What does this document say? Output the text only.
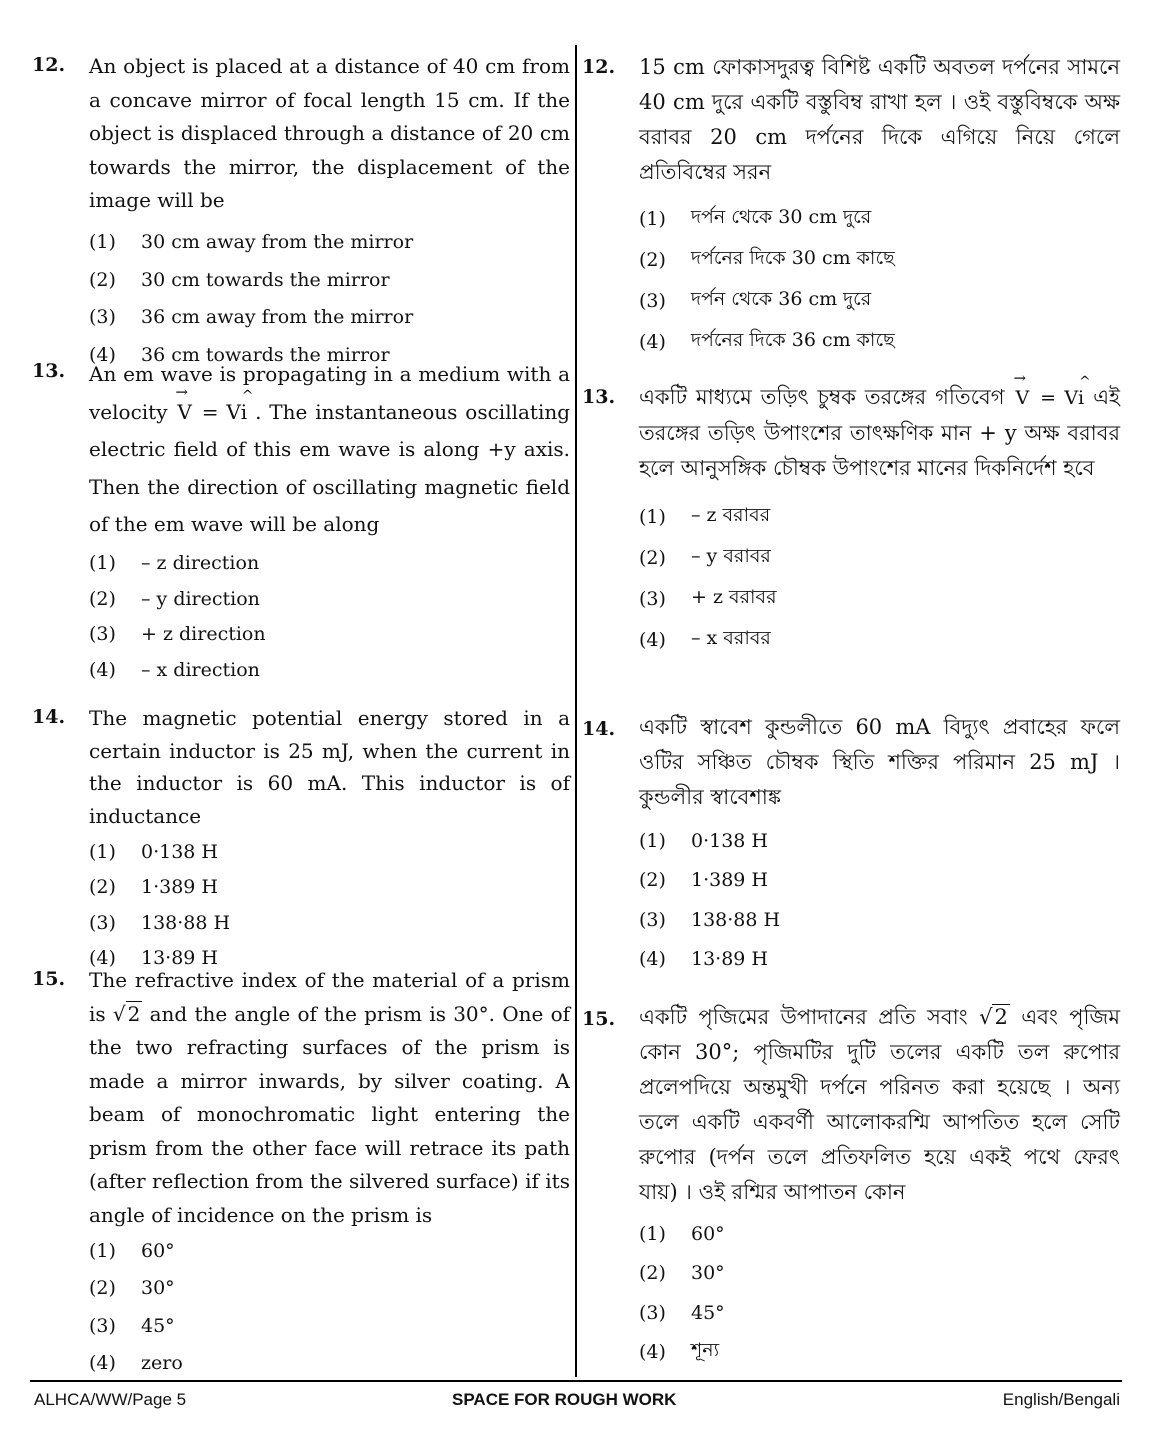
12. An object is placed at a distance of 40 cm from a concave mirror of focal length 15 cm. If the object is displaced through a distance of 20 cm towards the mirror, the displacement of the image will be
(1)	30 cm away from the mirror
(2)	30 cm towards the mirror
(3)	36 cm away from the mirror
(4)	36 cm towards the mirror
13. An em wave is propagating in a medium with a velocity → V = V^ i . The instantaneous oscillating electric field of this em wave is along +y axis. Then the direction of oscillating magnetic field of the em wave will be along
(1)	– z direction
(2)	– y direction
(3)	+ z direction
(4)	– x direction
14. The magnetic potential energy stored in a certain inductor is 25 mJ, when the current in the inductor is 60 mA. This inductor is of inductance
(1)	0·138 H
(2)	1·389 H
(3)	138·88 H
(4)	13·89 H
15. The refractive index of the material of a prism is √ 2 and the angle of the prism is 30°. One of the two refracting surfaces of the prism is made a mirror inwards, by silver coating. A beam of monochromatic light entering the prism from the other face will retrace its path (after reflection from the silvered surface) if its angle of incidence on the prism is
(1)	60°
(2)	30°
(3)	45°
(4)	zero
12. 15 cm ফোকাসদুরত্ব বিশিষ্ট একটি অবতল দর্পনের সামনে 40 cm দুরে একটি বস্তুবিম্ব রাখা হল । ওই বস্তুবিম্বকে অক্ষ বরাবর 20 cm দর্পনের দিকে এগিয়ে নিয়ে গেলে প্রতিবিম্বের সরন
(1)	দর্পন থেকে 30 cm দুরে
(2)	দর্পনের দিকে 30 cm কাছে
(3)	দর্পন থেকে 36 cm দুরে
(4)	দর্পনের দিকে 36 cm কাছে
13. একটি মাধ্যমে তড়িৎ চুম্বক তরঙ্গের গতিবেগ → V = V^ i এই তরঙ্গের তড়িৎ উপাংশের তাৎক্ষণিক মান + y অক্ষ বরাবর হলে আনুসঙ্গিক চৌম্বক উপাংশের মানের দিকনির্দেশ হবে
(1)	– z বরাবর
(2)	– y বরাবর
(3)	+ z বরাবর
(4)	– x বরাবর
14. একটি স্বাবেশ কুন্ডলীতে 60 mA বিদ্যুৎ প্রবাহের ফলে ওটির সঞ্চিত চৌম্বক স্থিতি শক্তির পরিমান 25 mJ । কুন্ডলীর স্বাবেশাঙ্ক
(1)	0·138 H
(2)	1·389 H
(3)	138·88 H
(4)	13·89 H
15. একটি পৃজিমের উপাদানের প্রতি সবাং √2 এবং পৃজিম কোন 30°; পৃজিমটির দুটি তলের একটি তল রুপোর প্রলেপদিয়ে অন্তমুখী দর্পনে পরিনত করা হয়েছে । অন্য তলে একটি একবর্ণী আলোকরশ্মি আপতিত হলে সেটি রুপোর (দর্পন তলে প্রতিফলিত হয়ে একই পথে ফেরৎ যায়) । ওই রশ্মির আপাতন কোন
(1)	60°
(2)	30°
(3)	45°
(4)	শূন্য
ALHCA/WW/Page 5	SPACE FOR ROUGH WORK	English/Bengali
